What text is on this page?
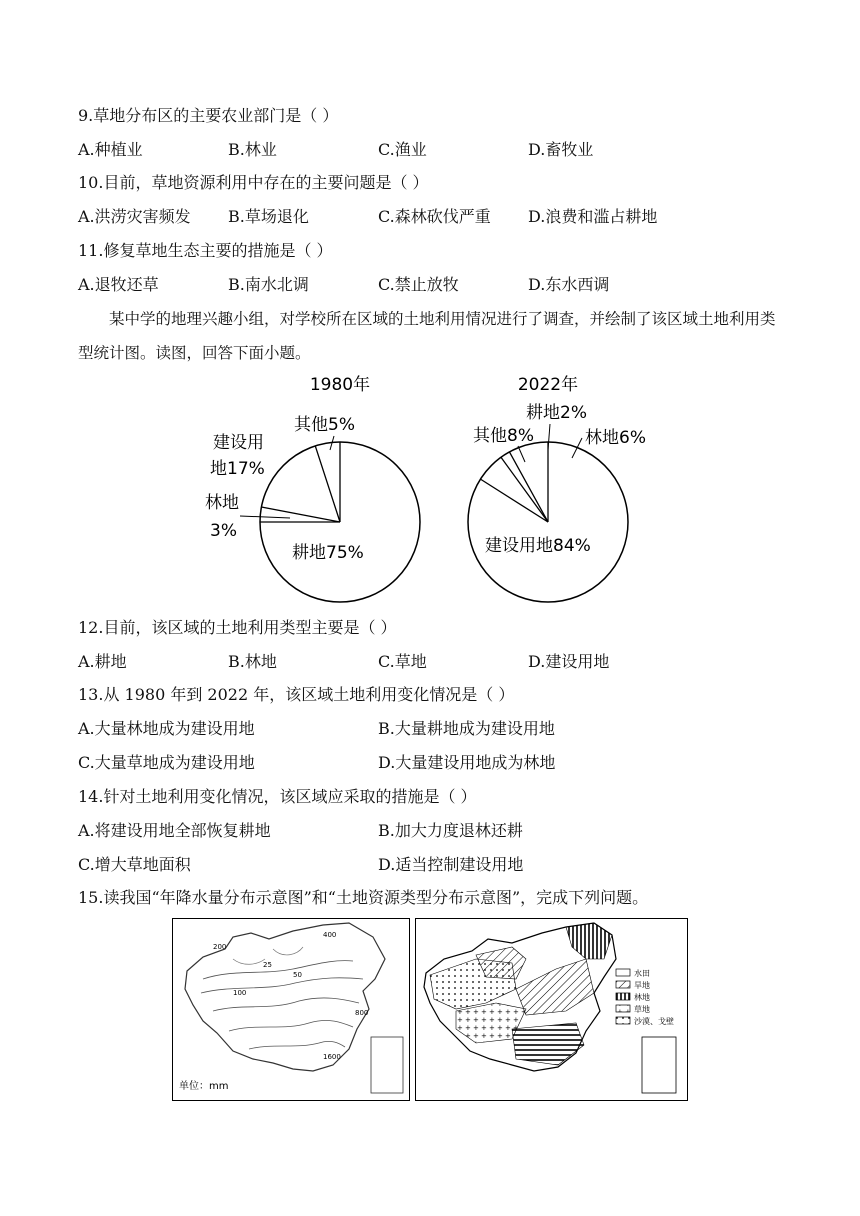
9.草地分布区的主要农业部门是（ ）
A.种植业	B.林业	C.渔业	D.畜牧业
10.目前，草地资源利用中存在的主要问题是（ ）
A.洪涝灾害频发 B.草场退化	C.森林砍伐严重 D.浪费和滥占耕地
11.修复草地生态主要的措施是（ ）
A.退牧还草	B.南水北调	C.禁止放牧	D.东水西调
某中学的地理兴趣小组，对学校所在区域的土地利用情况进行了调查，并绘制了该区域土地利用类型统计图。读图，回答下面小题。
1980年
耕地75%
林地
3%
建设用
地17%
其他5%
2022年
建设用地84%
耕地2%
其他8%	林地6%
12.目前，该区域的土地利用类型主要是（ ）
A.耕地	B.林地	C.草地	D.建设用地
13.从 1980 年到 2022 年，该区域土地利用变化情况是（ ）
A.大量林地成为建设用地	B.大量耕地成为建设用地
C.大量草地成为建设用地	D.大量建设用地成为林地
14.针对土地利用变化情况，该区域应采取的措施是（ ）
A.将建设用地全部恢复耕地	B.加大力度退林还耕
C.增大草地面积	D.适当控制建设用地
15.读我国“年降水量分布示意图”和“土地资源类型分布示意图”，完成下列问题。
200
400
800
1600
50
100
25
单位：mm
水田
旱地
林地
草地
沙漠、戈壁
